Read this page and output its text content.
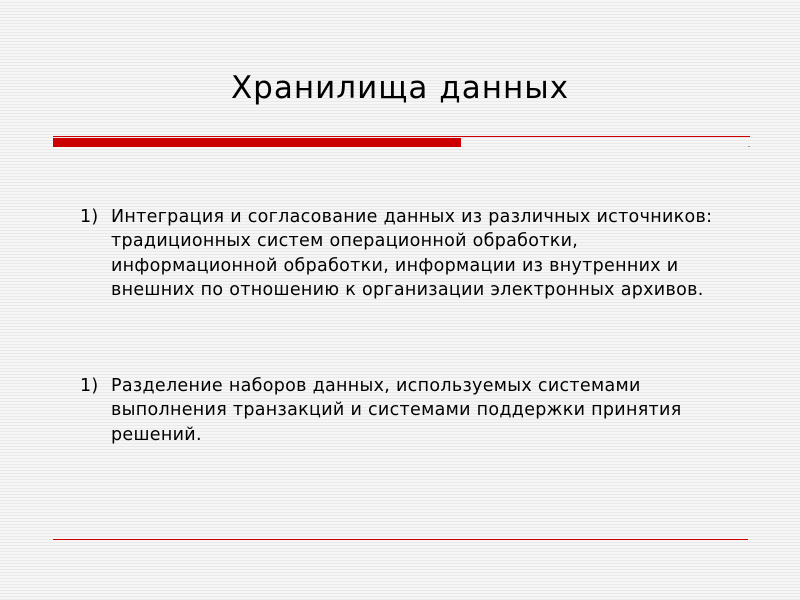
Хранилища данных
1) Интеграция и согласование данных из различных источников: традиционных систем операционной обработки, информационной обработки, информации из внутренних и внешних по отношению к организации электронных архивов.
1) Разделение наборов данных, используемых системами выполнения транзакций и системами поддержки принятия решений.
